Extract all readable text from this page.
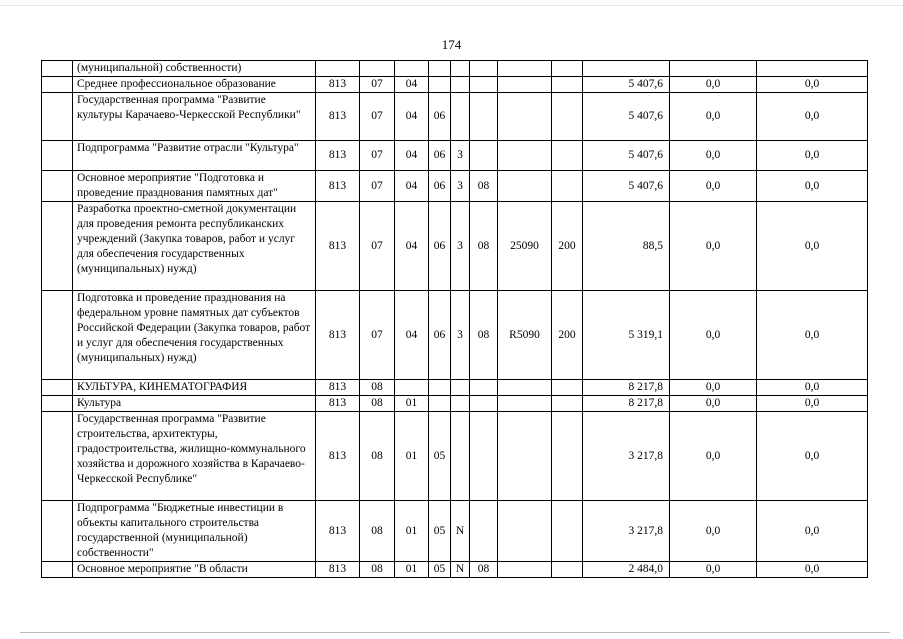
174
	(муниципальной) собственности)											
	Среднее профессиональное образование	813	07	04						5 407,6	0,0	0,0
	Государственная программа "Развитие культуры Карачаево-Черкесской Республики"	813	07	04	06					5 407,6	0,0	0,0
	Подпрограмма "Развитие отрасли "Культура"	813	07	04	06	3				5 407,6	0,0	0,0
	Основное мероприятие "Подготовка и проведение празднования памятных дат"	813	07	04	06	3	08			5 407,6	0,0	0,0
	Разработка проектно-сметной документации для проведения ремонта республиканских учреждений (Закупка товаров, работ и услуг для обеспечения государственных (муниципальных) нужд)	813	07	04	06	3	08	25090	200	88,5	0,0	0,0
	Подготовка и проведение празднования на федеральном уровне памятных дат субъектов Российской Федерации (Закупка товаров, работ и услуг для обеспечения государственных (муниципальных) нужд)	813	07	04	06	3	08	R5090	200	5 319,1	0,0	0,0
	КУЛЬТУРА, КИНЕМАТОГРАФИЯ	813	08							8 217,8	0,0	0,0
	Культура	813	08	01						8 217,8	0,0	0,0
	Государственная программа "Развитие строительства, архитектуры, градостроительства, жилищно-коммунального хозяйства и дорожного хозяйства в Карачаево-Черкесской Республике"	813	08	01	05					3 217,8	0,0	0,0
	Подпрограмма "Бюджетные инвестиции в объекты капитального строительства государственной (муниципальной) собственности"	813	08	01	05	N				3 217,8	0,0	0,0
	Основное мероприятие "В области	813	08	01	05	N	08			2 484,0	0,0	0,0
